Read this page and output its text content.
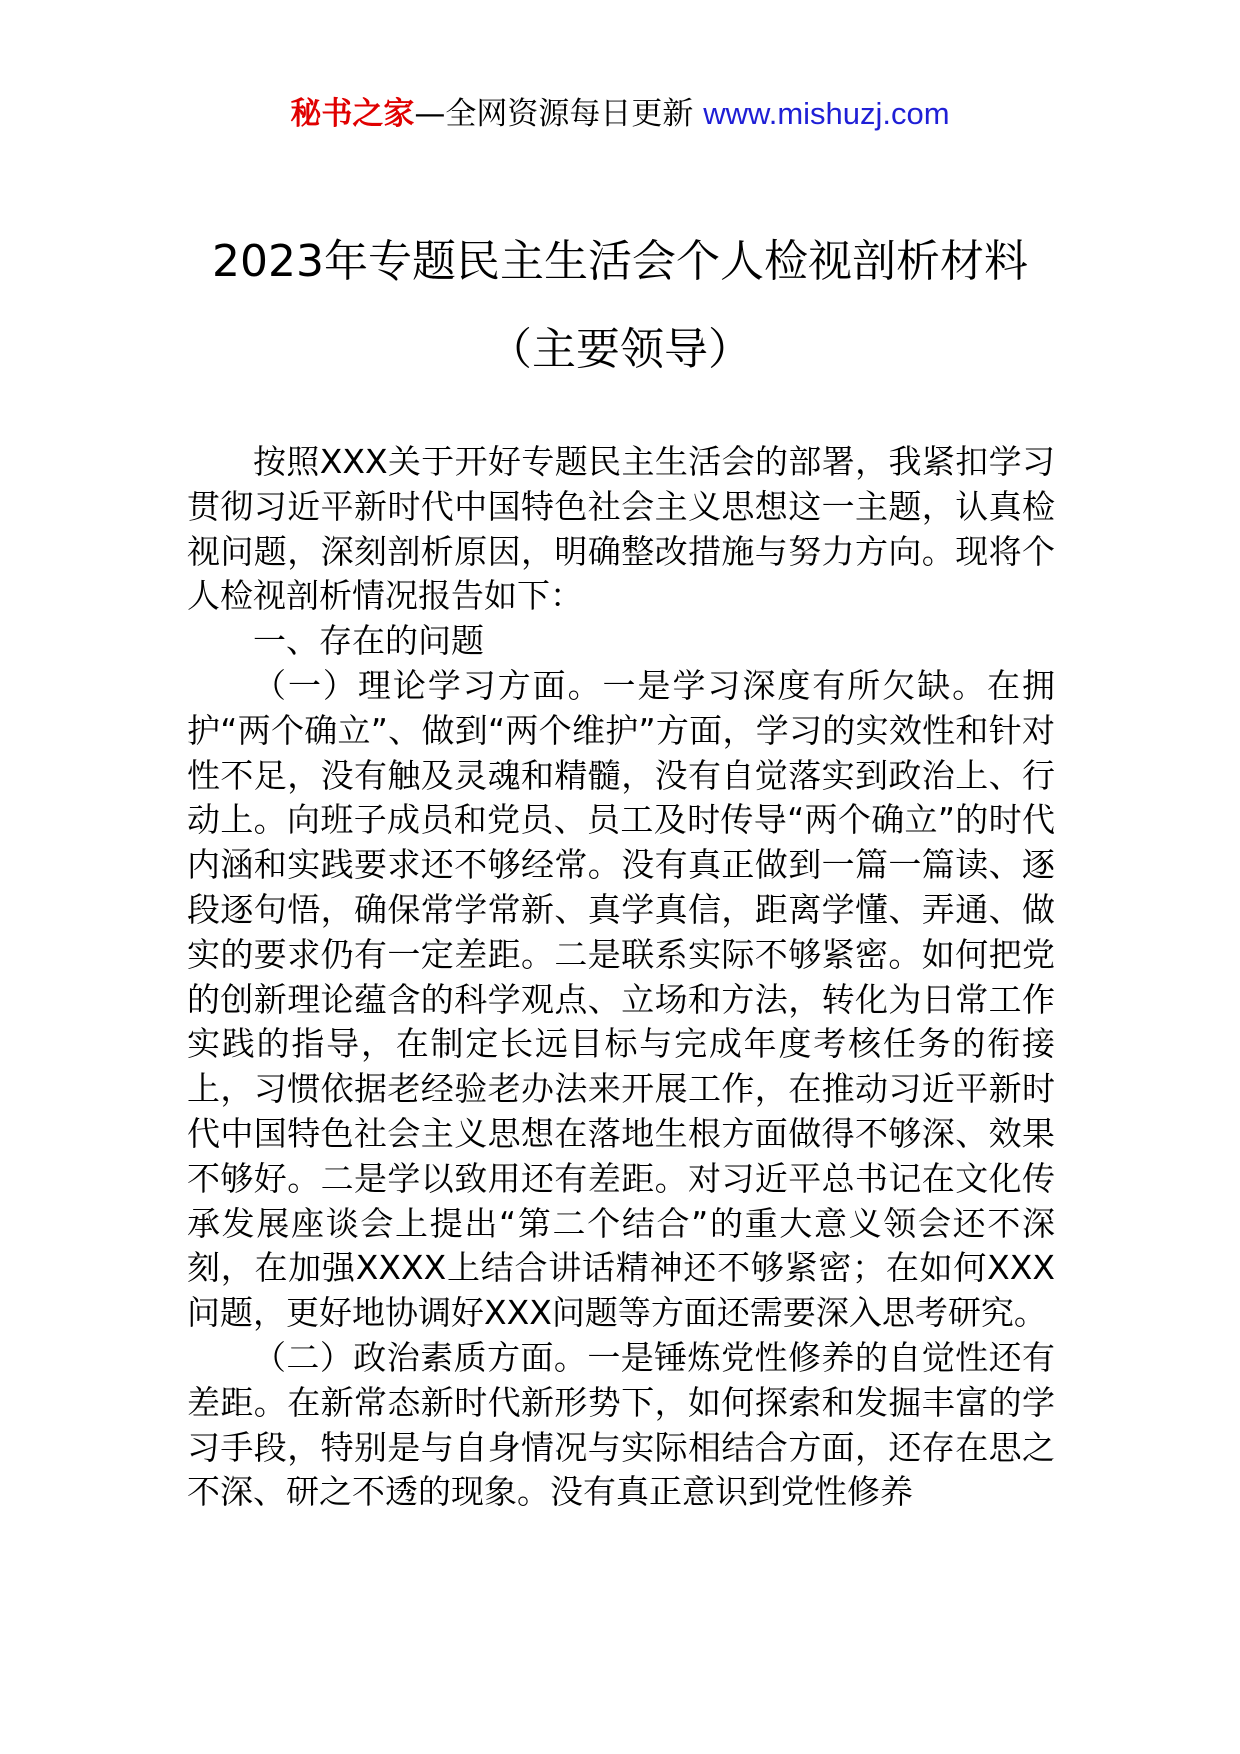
秘书之家—全网资源每日更新 www.mishuzj.com
2023年专题民主生活会个人检视剖析材料
（主要领导）

按照XXX关于开好专题民主生活会的部署，我紧扣学习贯彻习近平新时代中国特色社会主义思想这一主题，认真检视问题，深刻剖析原因，明确整改措施与努力方向。现将个人检视剖析情况报告如下：

一、存在的问题

（一）理论学习方面。一是学习深度有所欠缺。在拥护“两个确立”、做到“两个维护”方面，学习的实效性和针对性不足，没有触及灵魂和精髓，没有自觉落实到政治上、行动上。向班子成员和党员、员工及时传导“两个确立”的时代内涵和实践要求还不够经常。没有真正做到一篇一篇读、逐段逐句悟，确保常学常新、真学真信，距离学懂、弄通、做实的要求仍有一定差距。二是联系实际不够紧密。如何把党的创新理论蕴含的科学观点、立场和方法，转化为日常工作实践的指导，在制定长远目标与完成年度考核任务的衔接上，习惯依据老经验老办法来开展工作，在推动习近平新时代中国特色社会主义思想在落地生根方面做得不够深、效果不够好。二是学以致用还有差距。对习近平总书记在文化传承发展座谈会上提出“第二个结合”的重大意义领会还不深刻，在加强XXXX上结合讲话精神还不够紧密；在如何XXX问题，更好地协调好XXX问题等方面还需要深入思考研究。

（二）政治素质方面。一是锤炼党性修养的自觉性还有差距。在新常态新时代新形势下，如何探索和发掘丰富的学习手段，特别是与自身情况与实际相结合方面，还存在思之不深、研之不透的现象。没有真正意识到党性修养
